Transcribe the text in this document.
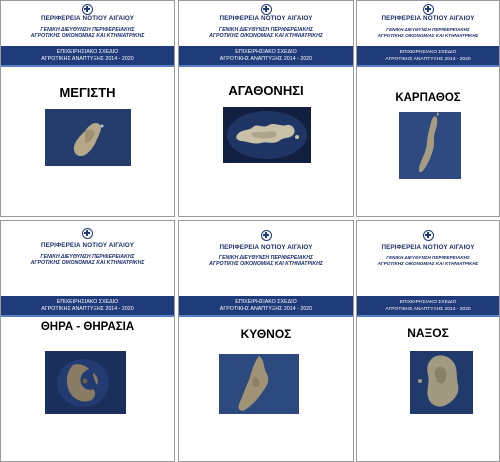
ΠΕΡΙΦΕΡΕΙΑ ΝΟΤΙΟΥ ΑΙΓΑΙΟΥ
ΓΕΝΙΚΗ ΔΙΕΥΘΥΝΣΗ ΠΕΡΙΦΕΡΕΙΑΚΗΣ
ΑΓΡΟΤΙΚΗΣ ΟΙΚΟΝΟΜΙΑΣ ΚΑΙ ΚΤΗΝΙΑΤΡΙΚΗΣ
ΕΠΙΧΕΙΡΗΣΙΑΚΟ ΣΧΕΔΙΟ
ΑΓΡΟΤΙΚΗΣ ΑΝΑΠΤΥΞΗΣ 2014 - 2020
ΜΕΓΙΣΤΗ
ΠΕΡΙΦΕΡΕΙΑ ΝΟΤΙΟΥ ΑΙΓΑΙΟΥ
ΓΕΝΙΚΗ ΔΙΕΥΘΥΝΣΗ ΠΕΡΙΦΕΡΕΙΑΚΗΣ
ΑΓΡΟΤΙΚΗΣ ΟΙΚΟΝΟΜΙΑΣ ΚΑΙ ΚΤΗΝΙΑΤΡΙΚΗΣ
ΕΠΙΧΕΙΡΗΣΙΑΚΟ ΣΧΕΔΙΟ
ΑΓΡΟΤΙΚΗΣ ΑΝΑΠΤΥΞΗΣ 2014 - 2020
ΑΓΑΘΟΝΗΣΙ
ΠΕΡΙΦΕΡΕΙΑ ΝΟΤΙΟΥ ΑΙΓΑΙΟΥ
ΓΕΝΙΚΗ ΔΙΕΥΘΥΝΣΗ ΠΕΡΙΦΕΡΕΙΑΚΗΣ
ΑΓΡΟΤΙΚΗΣ ΟΙΚΟΝΟΜΙΑΣ ΚΑΙ ΚΤΗΝΙΑΤΡΙΚΗΣ
ΕΠΙΧΕΙΡΗΣΙΑΚΟ ΣΧΕΔΙΟ
ΑΓΡΟΤΙΚΗΣ ΑΝΑΠΤΥΞΗΣ 2014 - 2020
ΚΑΡΠΑΘΟΣ
ΠΕΡΙΦΕΡΕΙΑ ΝΟΤΙΟΥ ΑΙΓΑΙΟΥ
ΓΕΝΙΚΗ ΔΙΕΥΘΥΝΣΗ ΠΕΡΙΦΕΡΕΙΑΚΗΣ
ΑΓΡΟΤΙΚΗΣ ΟΙΚΟΝΟΜΙΑΣ ΚΑΙ ΚΤΗΝΙΑΤΡΙΚΗΣ
ΕΠΙΧΕΙΡΗΣΙΑΚΟ ΣΧΕΔΙΟ
ΑΓΡΟΤΙΚΗΣ ΑΝΑΠΤΥΞΗΣ 2014 - 2020
ΘΗΡΑ - ΘΗΡΑΣΙΑ
ΠΕΡΙΦΕΡΕΙΑ ΝΟΤΙΟΥ ΑΙΓΑΙΟΥ
ΓΕΝΙΚΗ ΔΙΕΥΘΥΝΣΗ ΠΕΡΙΦΕΡΕΙΑΚΗΣ
ΑΓΡΟΤΙΚΗΣ ΟΙΚΟΝΟΜΙΑΣ ΚΑΙ ΚΤΗΝΙΑΤΡΙΚΗΣ
ΕΠΙΧΕΙΡΗΣΙΑΚΟ ΣΧΕΔΙΟ
ΑΓΡΟΤΙΚΗΣ ΑΝΑΠΤΥΞΗΣ 2014 - 2020
ΚΥΘΝΟΣ
ΠΕΡΙΦΕΡΕΙΑ ΝΟΤΙΟΥ ΑΙΓΑΙΟΥ
ΓΕΝΙΚΗ ΔΙΕΥΘΥΝΣΗ ΠΕΡΙΦΕΡΕΙΑΚΗΣ
ΑΓΡΟΤΙΚΗΣ ΟΙΚΟΝΟΜΙΑΣ ΚΑΙ ΚΤΗΝΙΑΤΡΙΚΗΣ
ΕΠΙΧΕΙΡΗΣΙΑΚΟ ΣΧΕΔΙΟ
ΑΓΡΟΤΙΚΗΣ ΑΝΑΠΤΥΞΗΣ 2014 - 2020
ΝΑΞΟΣ
